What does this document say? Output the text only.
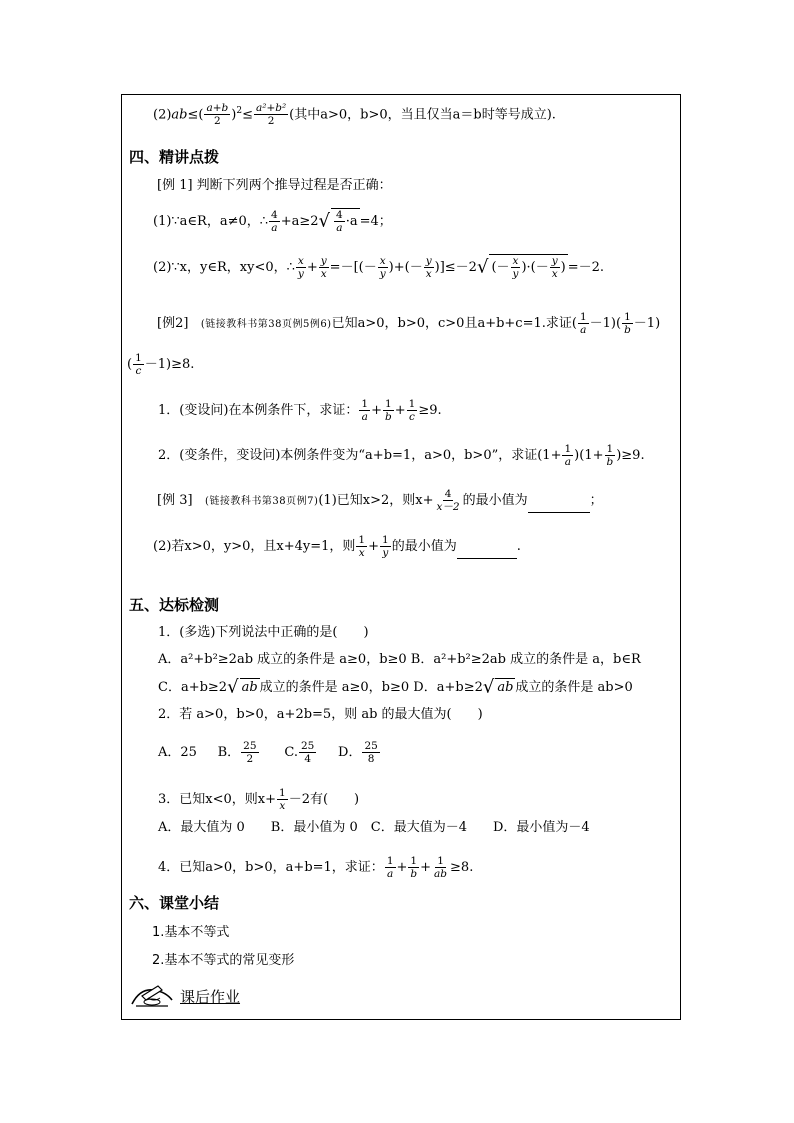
$(2)ab\le( \frac{a+b}{2} )^2\le \frac{\text{a²+b²}}{2}$ (其中a>0，b>0，当且仅当a＝b时等号成立).
四、精讲点拨
[例 1] 判断下列两个推导过程是否正确：
(1)∵a∈R，a≠0，∴ $\frac{4}{a} +a\ge 2√ \frac{4}{a} \cdot a =4$；
(2)∵x，y∈R，xy<0，∴ $\frac{x}{y} + \frac{y}{x}$ =－[(－ $\frac{x}{y}$ )+(－ $\frac{y}{x} )]\le-2√$ (－ $\frac{x}{y}$ )·(－ $\frac{y}{x}$ ) =－2.
[例2] (链接教科书第38页例5例6)已知a>0，b>0，c>0且a+b+c=1.求证( $\frac{1}{a} -1)( \frac{1}{b} -1)$
( $\frac{1}{c} -1)\ge 8$.
1．(变设问)在本例条件下，求证： $\frac{1}{a} + \frac{1}{b} + \frac{1}{c} \ge 9$.
2．(变条件，变设问)本例条件变为“a+b=1，a>0，b>0”，求证$(1+ \frac{1}{a} )(1+ \frac{1}{b} )\ge 9$.
[例 3] (链接教科书第38页例7)(1)已知x>2，则$x+ \frac{4}{x-2}$ 的最小值为	；
(2)若x>0，y>0，且x+4y=1，则 $\frac{1}{x} + \frac{1}{y}$ 的最小值为	.
五、达标检测
1．(多选)下列说法中正确的是(　　)
A．a²+b²≥2ab 成立的条件是 a≥0，b≥0 B．a²+b²≥2ab 成立的条件是 a，b∈R
C．a+b≥2√ ab 成立的条件是 a≥0，b≥0 D．a+b≥2√ ab 成立的条件是 ab>0
2．若 a>0，b>0，a+2b=5，则 ab 的最大值为(　　)
A．25 B． $\frac{25}{2} C$. $\frac{25}{4}$ D． $\frac{25}{8}$
3．已知x<0，则$x+ \frac{1}{x} -2$有(　　)
A．最大值为 0　　B．最小值为 0　C．最大值为－4　　D．最小值为－4
4．已知a>0，b>0，a+b=1，求证： $\frac{1}{a} + \frac{1}{b} + \frac{1}{ab} \ge 8$.
六、课堂小结
1.基本不等式
2.基本不等式的常见变形
课后作业
